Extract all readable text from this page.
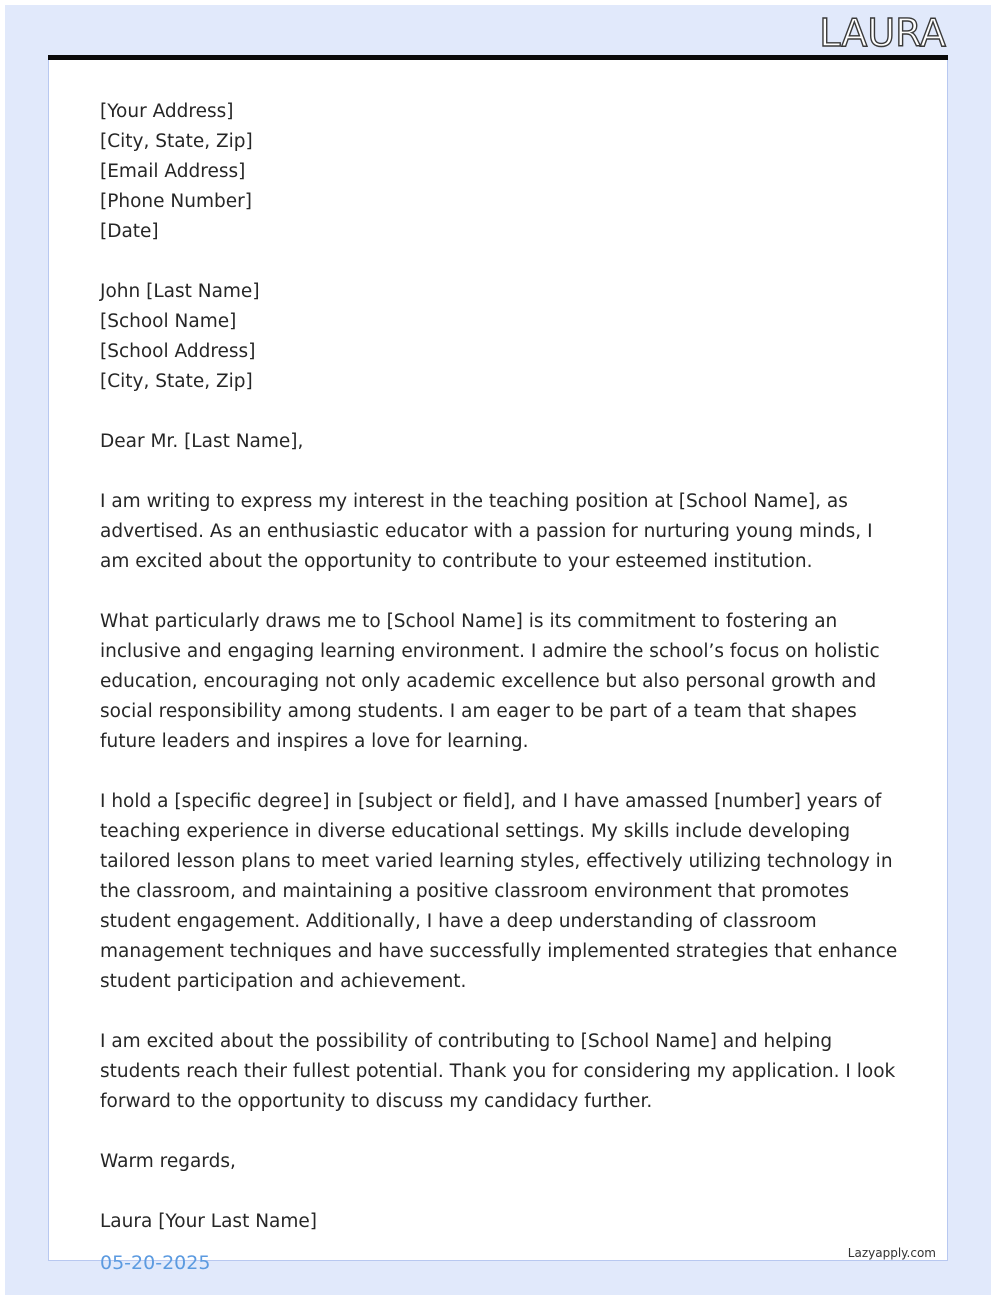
LAURA

[Your Address]
[City, State, Zip]
[Email Address]
[Phone Number]
[Date]

John [Last Name]
[School Name]
[School Address]
[City, State, Zip]

Dear Mr. [Last Name],

I am writing to express my interest in the teaching position at [School Name], as advertised. As an enthusiastic educator with a passion for nurturing young minds, I am excited about the opportunity to contribute to your esteemed institution.

What particularly draws me to [School Name] is its commitment to fostering an inclusive and engaging learning environment. I admire the school’s focus on holistic education, encouraging not only academic excellence but also personal growth and social responsibility among students. I am eager to be part of a team that shapes future leaders and inspires a love for learning.

I hold a [specific degree] in [subject or field], and I have amassed [number] years of teaching experience in diverse educational settings. My skills include developing tailored lesson plans to meet varied learning styles, effectively utilizing technology in the classroom, and maintaining a positive classroom environment that promotes student engagement. Additionally, I have a deep understanding of classroom management techniques and have successfully implemented strategies that enhance student participation and achievement.

I am excited about the possibility of contributing to [School Name] and helping students reach their fullest potential. Thank you for considering my application. I look forward to the opportunity to discuss my candidacy further.

Warm regards,

Laura [Your Last Name]

05-20-2025	Lazyapply.com
